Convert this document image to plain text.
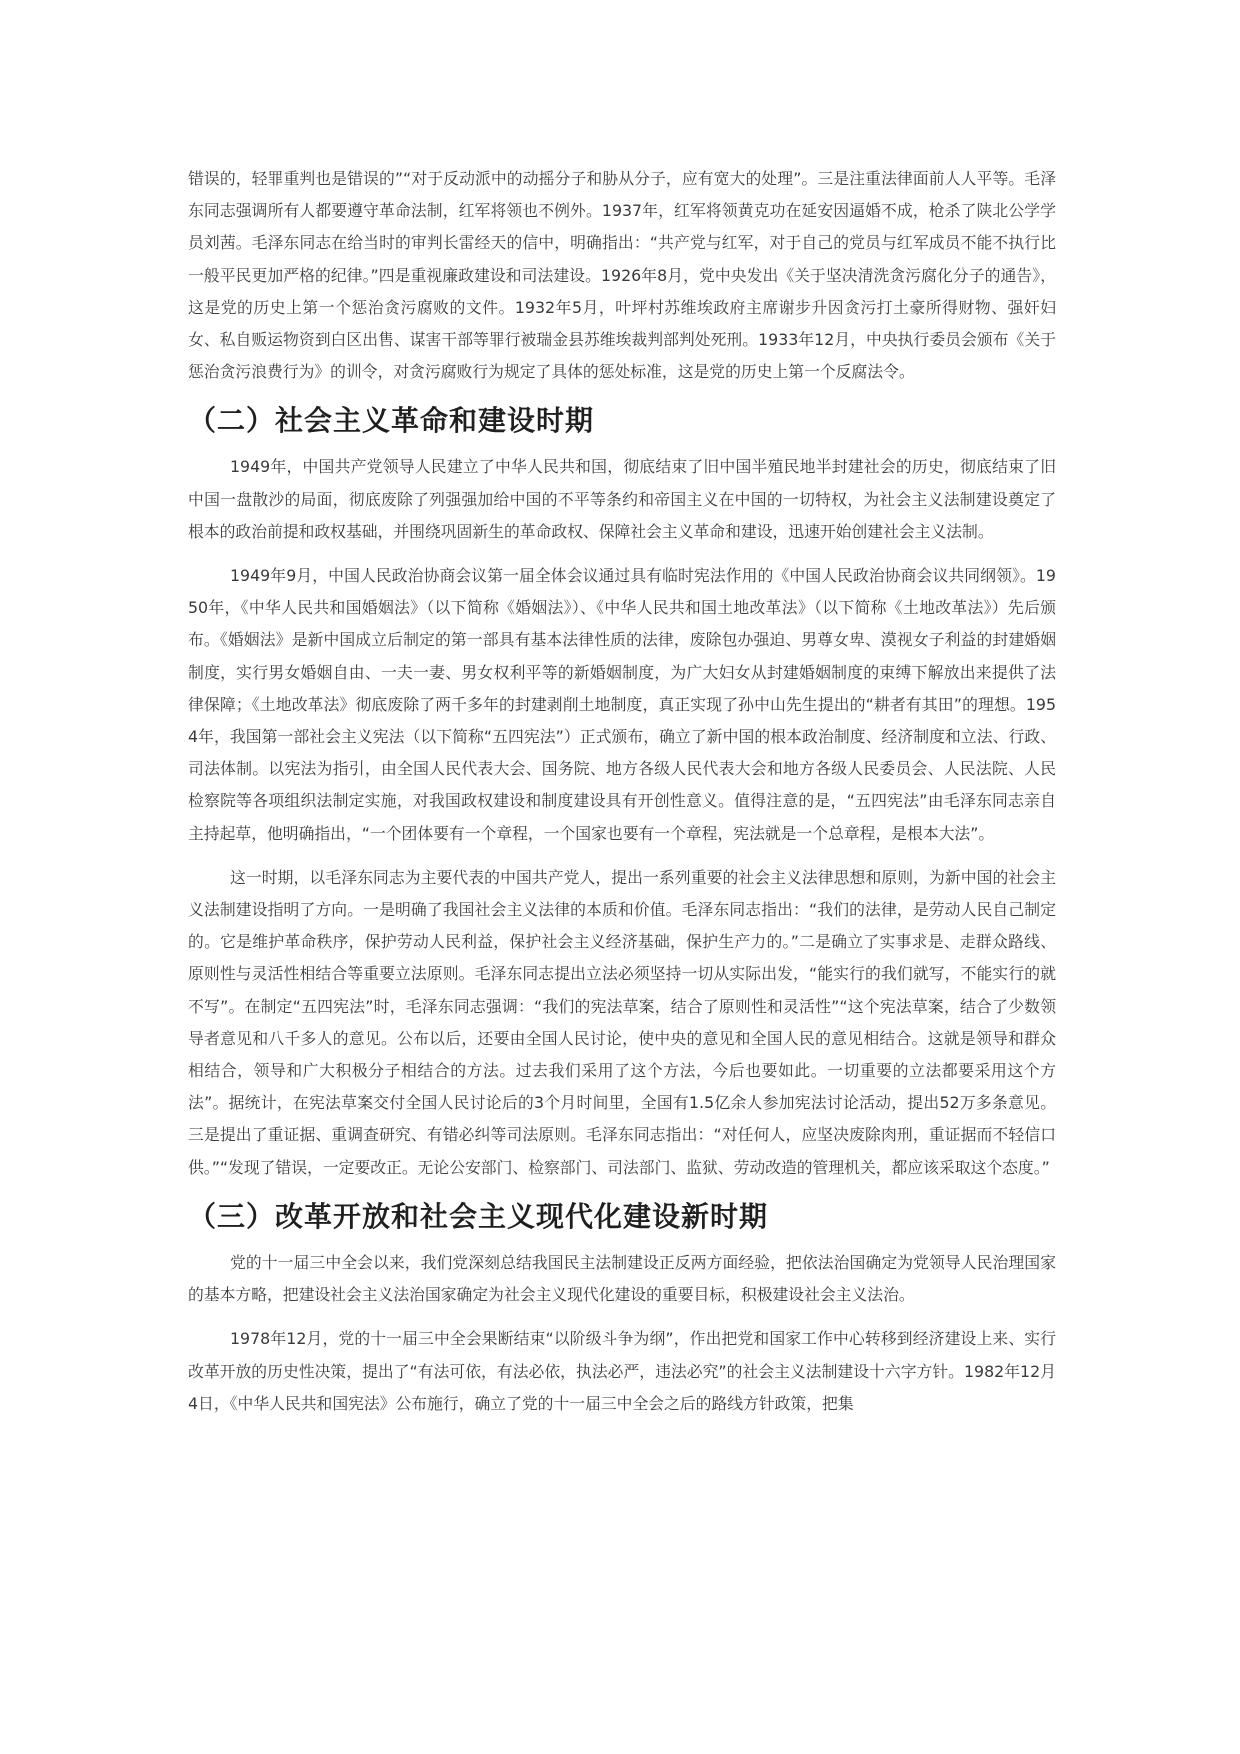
错误的，轻罪重判也是错误的”“对于反动派中的动摇分子和胁从分子，应有宽大的处理”。三是注重法律面前人人平等。毛泽东同志强调所有人都要遵守革命法制，红军将领也不例外。1937年，红军将领黄克功在延安因逼婚不成，枪杀了陕北公学学员刘茜。毛泽东同志在给当时的审判长雷经天的信中，明确指出：“共产党与红军，对于自己的党员与红军成员不能不执行比一般平民更加严格的纪律。”四是重视廉政建设和司法建设。1926年8月，党中央发出《关于坚决清洗贪污腐化分子的通告》，这是党的历史上第一个惩治贪污腐败的文件。1932年5月，叶坪村苏维埃政府主席谢步升因贪污打土豪所得财物、强奸妇女、私自贩运物资到白区出售、谋害干部等罪行被瑞金县苏维埃裁判部判处死刑。1933年12月，中央执行委员会颁布《关于惩治贪污浪费行为》的训令，对贪污腐败行为规定了具体的惩处标准，这是党的历史上第一个反腐法令。

（二）社会主义革命和建设时期

1949年，中国共产党领导人民建立了中华人民共和国，彻底结束了旧中国半殖民地半封建社会的历史，彻底结束了旧中国一盘散沙的局面，彻底废除了列强强加给中国的不平等条约和帝国主义在中国的一切特权，为社会主义法制建设奠定了根本的政治前提和政权基础，并围绕巩固新生的革命政权、保障社会主义革命和建设，迅速开始创建社会主义法制。

1949年9月，中国人民政治协商会议第一届全体会议通过具有临时宪法作用的《中国人民政治协商会议共同纲领》。1950年，《中华人民共和国婚姻法》（以下简称《婚姻法》）、《中华人民共和国土地改革法》（以下简称《土地改革法》）先后颁布。《婚姻法》是新中国成立后制定的第一部具有基本法律性质的法律，废除包办强迫、男尊女卑、漠视女子利益的封建婚姻制度，实行男女婚姻自由、一夫一妻、男女权利平等的新婚姻制度，为广大妇女从封建婚姻制度的束缚下解放出来提供了法律保障；《土地改革法》彻底废除了两千多年的封建剥削土地制度，真正实现了孙中山先生提出的“耕者有其田”的理想。1954年，我国第一部社会主义宪法（以下简称“五四宪法”）正式颁布，确立了新中国的根本政治制度、经济制度和立法、行政、司法体制。以宪法为指引，由全国人民代表大会、国务院、地方各级人民代表大会和地方各级人民委员会、人民法院、人民检察院等各项组织法制定实施，对我国政权建设和制度建设具有开创性意义。值得注意的是，“五四宪法”由毛泽东同志亲自主持起草，他明确指出，“一个团体要有一个章程，一个国家也要有一个章程，宪法就是一个总章程，是根本大法”。

这一时期，以毛泽东同志为主要代表的中国共产党人，提出一系列重要的社会主义法律思想和原则，为新中国的社会主义法制建设指明了方向。一是明确了我国社会主义法律的本质和价值。毛泽东同志指出：“我们的法律，是劳动人民自己制定的。它是维护革命秩序，保护劳动人民利益，保护社会主义经济基础，保护生产力的。”二是确立了实事求是、走群众路线、原则性与灵活性相结合等重要立法原则。毛泽东同志提出立法必须坚持一切从实际出发，“能实行的我们就写，不能实行的就不写”。在制定“五四宪法”时，毛泽东同志强调：“我们的宪法草案，结合了原则性和灵活性”“这个宪法草案，结合了少数领导者意见和八千多人的意见。公布以后，还要由全国人民讨论，使中央的意见和全国人民的意见相结合。这就是领导和群众相结合，领导和广大积极分子相结合的方法。过去我们采用了这个方法，今后也要如此。一切重要的立法都要采用这个方法”。据统计，在宪法草案交付全国人民讨论后的3个月时间里，全国有1.5亿余人参加宪法讨论活动，提出52万多条意见。三是提出了重证据、重调查研究、有错必纠等司法原则。毛泽东同志指出：“对任何人，应坚决废除肉刑，重证据而不轻信口供。”“发现了错误，一定要改正。无论公安部门、检察部门、司法部门、监狱、劳动改造的管理机关，都应该采取这个态度。”

（三）改革开放和社会主义现代化建设新时期

党的十一届三中全会以来，我们党深刻总结我国民主法制建设正反两方面经验，把依法治国确定为党领导人民治理国家的基本方略，把建设社会主义法治国家确定为社会主义现代化建设的重要目标，积极建设社会主义法治。

1978年12月，党的十一届三中全会果断结束“以阶级斗争为纲”，作出把党和国家工作中心转移到经济建设上来、实行改革开放的历史性决策，提出了“有法可依，有法必依，执法必严，违法必究”的社会主义法制建设十六字方针。1982年12月4日，《中华人民共和国宪法》公布施行，确立了党的十一届三中全会之后的路线方针政策，把集
